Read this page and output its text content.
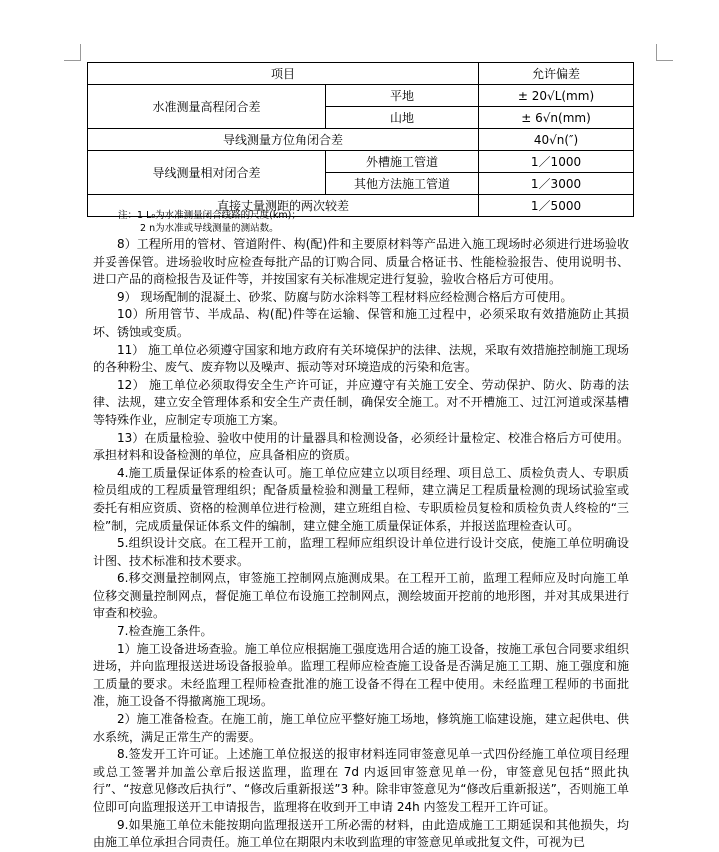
项目		允许偏差
水准测量高程闭合差	平地	± 20√L(mm)
	山地	± 6√n(mm)
导线测量方位角闭合差		40√n(″)
导线测量相对闭合差	外槽施工管道	1／1000
	其他方法施工管道	1／3000
直接丈量测距的两次较差		1／5000
注：1 L₀为水准测量闭合线路的尺度(km)；
2 n为水准或导线测量的测站数。

8）工程所用的管材、管道附件、构(配)件和主要原材料等产品进入施工现场时必须进行进场验收并妥善保管。进场验收时应检查每批产品的订购合同、质量合格证书、性能检验报告、使用说明书、进口产品的商检报告及证件等，并按国家有关标准规定进行复验，验收合格后方可使用。

9） 现场配制的混凝土、砂浆、防腐与防水涂料等工程材料应经检测合格后方可使用。

10）所用管节、半成品、构(配)件等在运输、保管和施工过程中，必须采取有效措施防止其损坏、锈蚀或变质。

11） 施工单位必须遵守国家和地方政府有关环境保护的法律、法规，采取有效措施控制施工现场的各种粉尘、废气、废弃物以及噪声、振动等对环境造成的污染和危害。

12） 施工单位必须取得安全生产许可证，并应遵守有关施工安全、劳动保护、防火、防毒的法律、法规，建立安全管理体系和安全生产责任制，确保安全施工。对不开槽施工、过江河道或深基槽等特殊作业，应制定专项施工方案。

13）在质量检验、验收中使用的计量器具和检测设备，必须经计量检定、校准合格后方可使用。承担材料和设备检测的单位，应具备相应的资质。

4.施工质量保证体系的检查认可。施工单位应建立以项目经理、项目总工、质检负责人、专职质检员组成的工程质量管理组织；配备质量检验和测量工程师，建立满足工程质量检测的现场试验室或委托有相应资质、资格的检测单位进行检测，建立班组自检、专职质检员复检和质检负责人终检的“三检”制，完成质量保证体系文件的编制，建立健全施工质量保证体系，并报送监理检查认可。

5.组织设计交底。在工程开工前，监理工程师应组织设计单位进行设计交底，使施工单位明确设计图、技术标准和技术要求。

6.移交测量控制网点，审签施工控制网点施测成果。在工程开工前，监理工程师应及时向施工单位移交测量控制网点，督促施工单位布设施工控制网点，测绘坡面开挖前的地形图，并对其成果进行审查和校验。

7.检查施工条件。

1）施工设备进场查验。施工单位应根据施工强度选用合适的施工设备，按施工承包合同要求组织进场，并向监理报送进场设备报验单。监理工程师应检查施工设备是否满足施工工期、施工强度和施工质量的要求。未经监理工程师检查批准的施工设备不得在工程中使用。未经监理工程师的书面批准，施工设备不得撤离施工现场。

2）施工准备检查。在施工前，施工单位应平整好施工场地，修筑施工临建设施，建立起供电、供水系统，满足正常生产的需要。

8.签发开工许可证。上述施工单位报送的报审材料连同审签意见单一式四份经施工单位项目经理或总工签署并加盖公章后报送监理，监理在 7d 内返回审签意见单一份，审签意见包括“照此执行”、“按意见修改后执行”、“修改后重新报送”3 种。除非审签意见为“修改后重新报送”，否则施工单位即可向监理报送开工申请报告，监理将在收到开工申请 24h 内签发工程开工许可证。

9.如果施工单位未能按期向监理报送开工所必需的材料，由此造成施工工期延误和其他损失，均由施工单位承担合同责任。施工单位在期限内未收到监理的审签意见单或批复文件，可视为已
